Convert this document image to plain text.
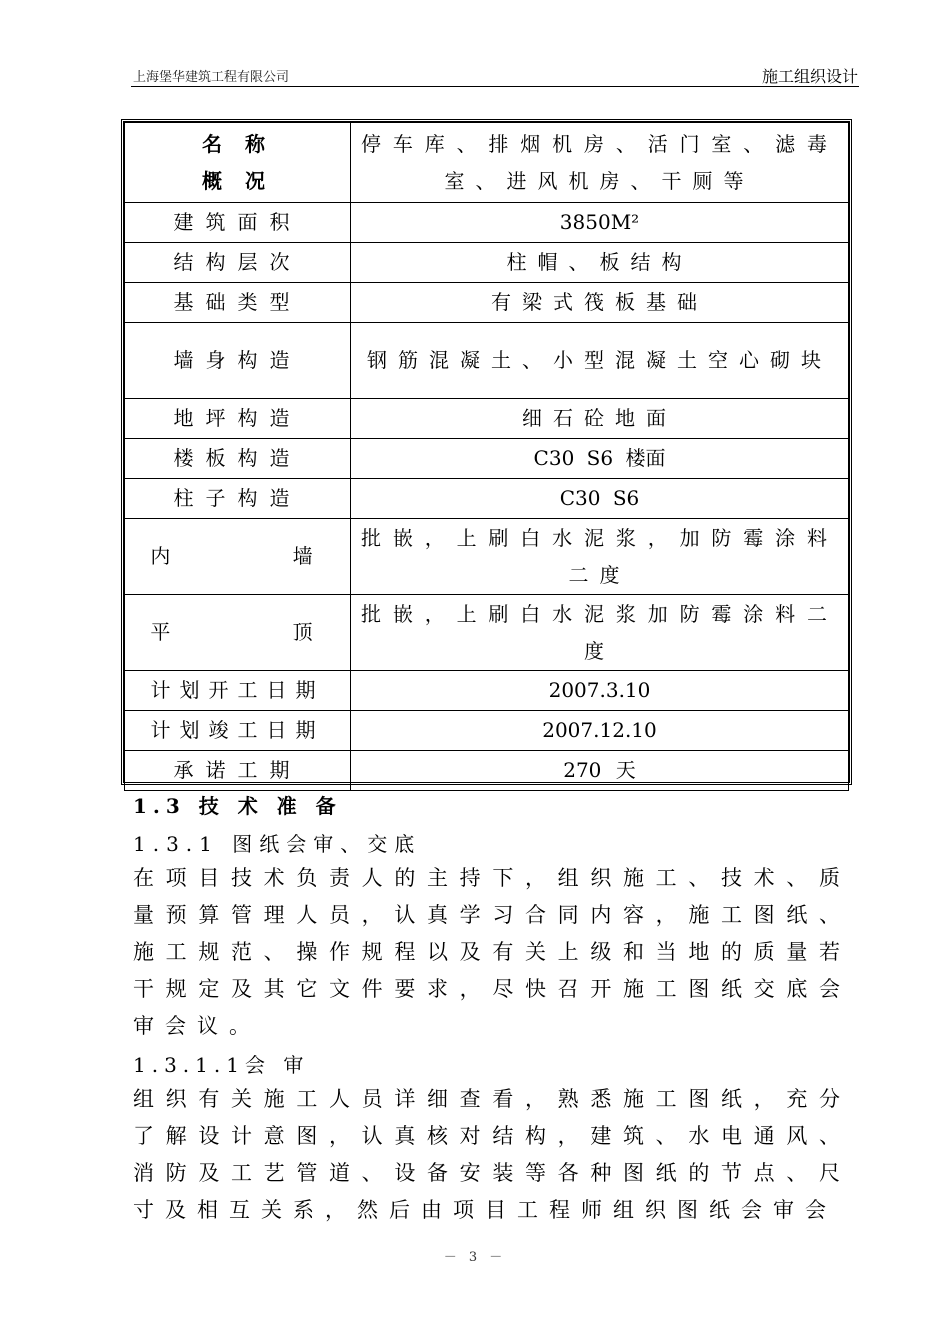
上海堡华建筑工程有限公司	施工组织设计
名 称
概 况	停车库、排烟机房、活门室、滤毒室、进风机房、干厕等
建筑面积	3850M²
结构层次	柱帽、板结构
基础类型	有梁式筏板基础
墙身构造	钢筋混凝土、小型混凝土空心砌块
地坪构造	细石砼地面
楼板构造	C30 S6 楼面
柱子构造	C30 S6
内      墙	批嵌，上刷白水泥浆，加防霉涂料二度
平      顶	批嵌，上刷白水泥浆加防霉涂料二度
计划开工日期	2007.3.10
计划竣工日期	2007.12.10
承诺工期	270 天
1.3 技 术 准 备
1.3.1 图纸会审、交底
在项目技术负责人的主持下，组织施工、技术、质量预算管理人员，认真学习合同内容，施工图纸、施工规范、操作规程以及有关上级和当地的质量若干规定及其它文件要求，尽快召开施工图纸交底会审会议。
1.3.1.1会 审
组织有关施工人员详细查看，熟悉施工图纸，充分了解设计意图，认真核对结构，建筑、水电通风、消防及工艺管道、设备安装等各种图纸的节点、尺寸及相互关系，然后由项目工程师组织图纸会审会
－ 3 －
